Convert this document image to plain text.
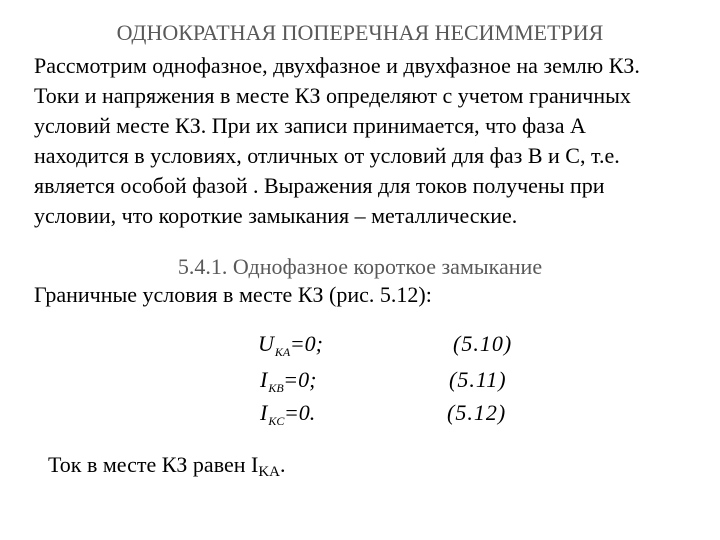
ОДНОКРАТНАЯ ПОПЕРЕЧНАЯ НЕСИММЕТРИЯ
Рассмотрим однофазное, двухфазное и двухфазное на землю КЗ.
Токи и напряжения в месте КЗ определяют с учетом граничных
условий месте КЗ. При их записи принимается, что фаза А
находится в условиях, отличных от условий для фаз В и С, т.е.
является особой фазой . Выражения для токов получены при
условии, что короткие замыкания – металлические.
5.4.1. Однофазное короткое замыкание

Граничные условия в месте КЗ (рис. 5.12):

$U_{KA}=0$;	(5.10)
$I_{KB}=0$;	(5.11)
$I_{KC}=0$.	(5.12)
Ток в месте КЗ равен $I_{KA}$.
